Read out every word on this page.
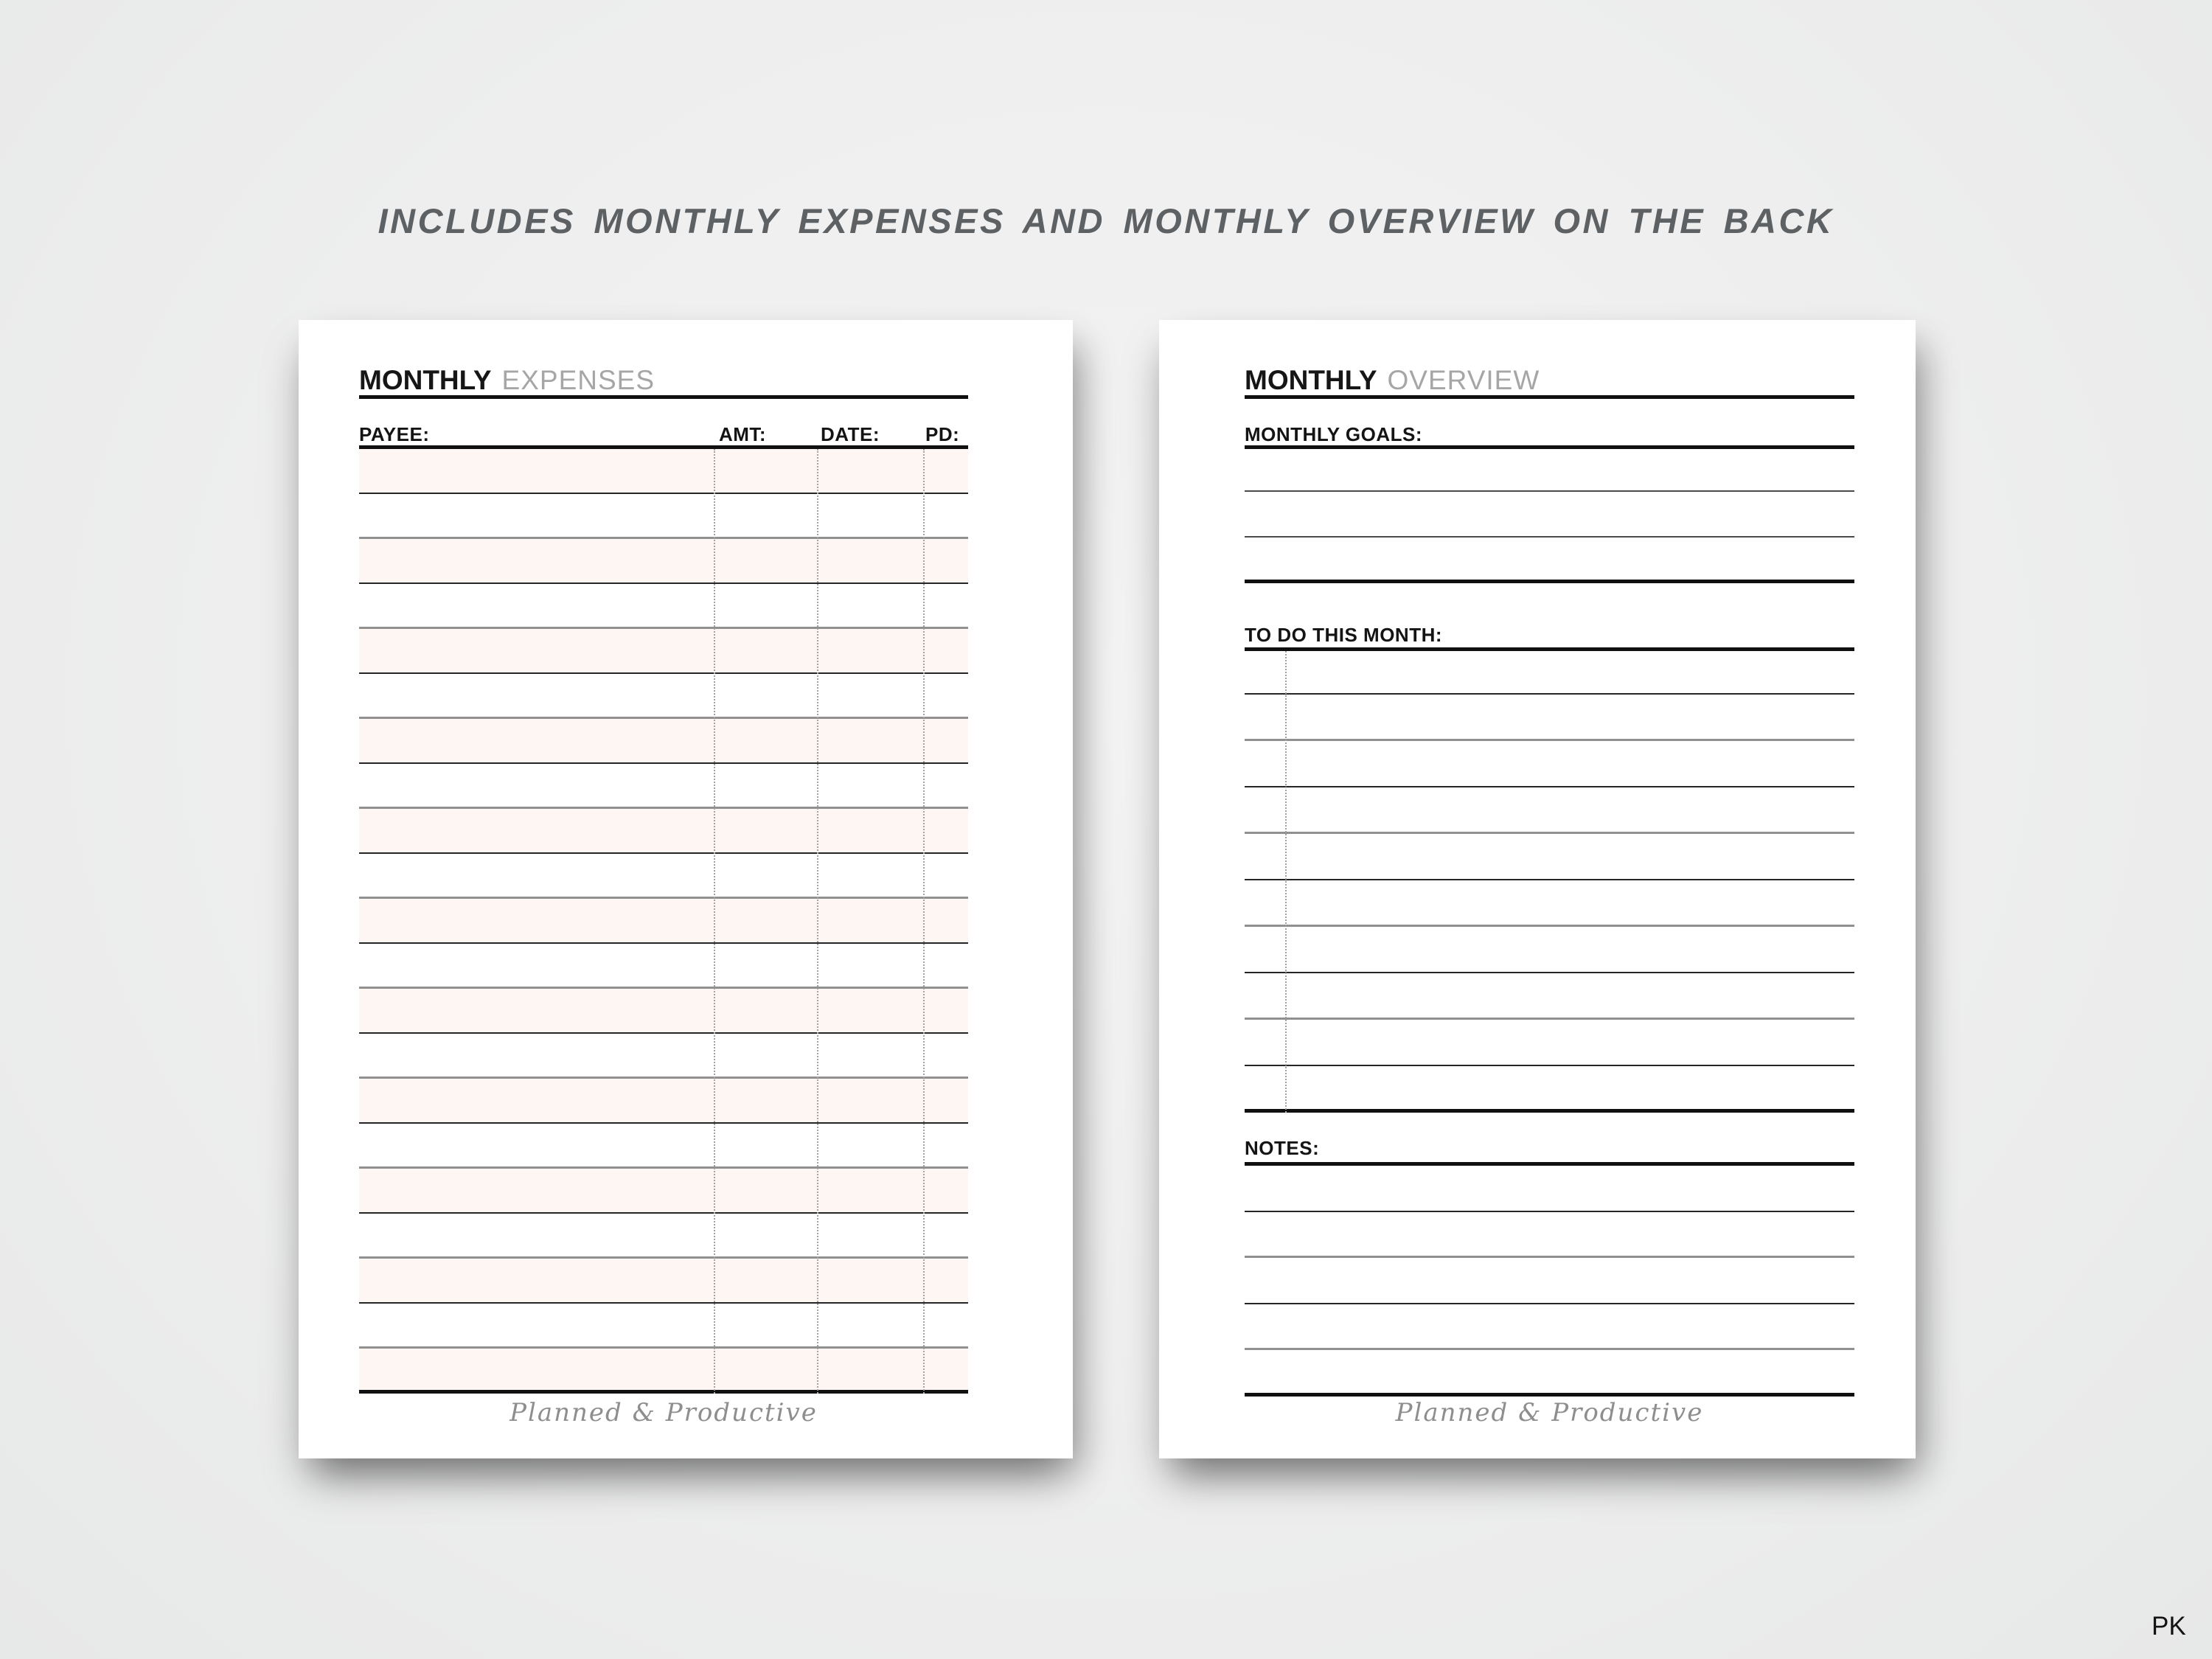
INCLUDES MONTHLY EXPENSES AND MONTHLY OVERVIEW ON THE BACK
MONTHLY EXPENSES
PAYEE:	AMT:	DATE: PD:
Planned & Productive
MONTHLY OVERVIEW
MONTHLY GOALS:
TO DO THIS MONTH:
NOTES:
Planned & Productive
PK
